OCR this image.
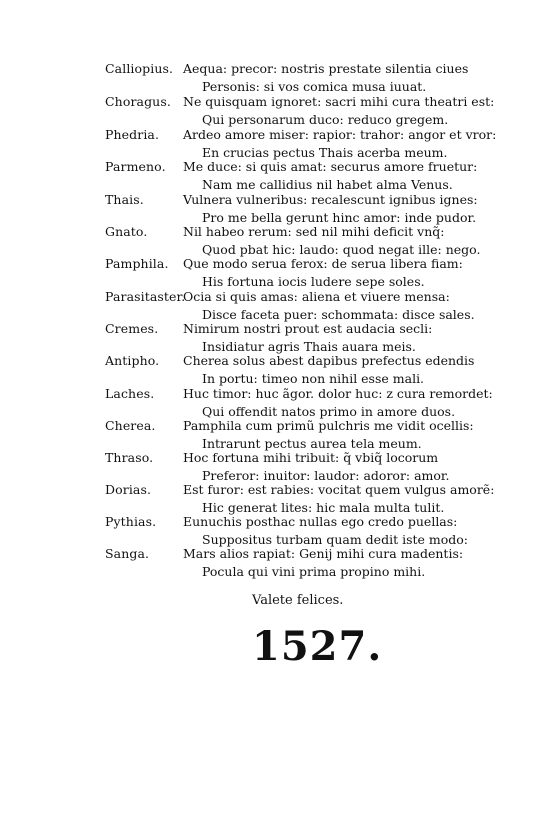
Calliopius. Aequa: precor: nostris prestate silentia ciues
Personis: si vos comica musa iuuat.
Choragus. Ne quisquam ignoret: sacri mihi cura theatri est:
Qui personarum duco: reduco gregem.
Phedria. Ardeo amore miser: rapior: trahor: angor et vror:
En crucias pectus Thais acerba meum.
Parmeno. Me duce: si quis amat: securus amore fruetur:
Nam me callidius nil habet alma Venus.
Thais.	Vulnera vulneribus: recalescunt ignibus ignes:
Pro me bella gerunt hinc amor: inde pudor.
Gnato.	Nil habeo rerum: sed nil mihi deficit vnq̃:
Quod pbat hic: laudo: quod negat ille: nego.
Pamphila. Que modo serua ferox: de serua libera fiam:
His fortuna iocis ludere sepe soles.
Parasitaster.
Ocia si quis amas: aliena et viuere mensa:
Disce faceta puer: schommata: disce sales.
Cremes. Nimirum nostri prout est audacia secli:
Insidiatur agris Thais auara meis.
Antipho. Cherea solus abest dapibus prefectus edendis
In portu: timeo non nihil esse mali.
Laches. Huc timor: huc ãgor. dolor huc: z cura remordet:
Qui offendit natos primo in amore duos.
Cherea. Pamphila cum primũ pulchris me vidit ocellis:
Intrarunt pectus aurea tela meum.
Thraso. Hoc fortuna mihi tribuit: q̃ vbiq̃ locorum
Preferor: inuitor: laudor: adoror: amor.
Dorias.	Est furor: est rabies: vocitat quem vulgus amorẽ:
Hic generat lites: hic mala multa tulit.
Pythias. Eunuchis posthac nullas ego credo puellas:
Suppositus turbam quam dedit iste modo:
Sanga.	Mars alios rapiat: Genij mihi cura madentis:
Pocula qui vini prima propino mihi.
Valete felices.
1527.
